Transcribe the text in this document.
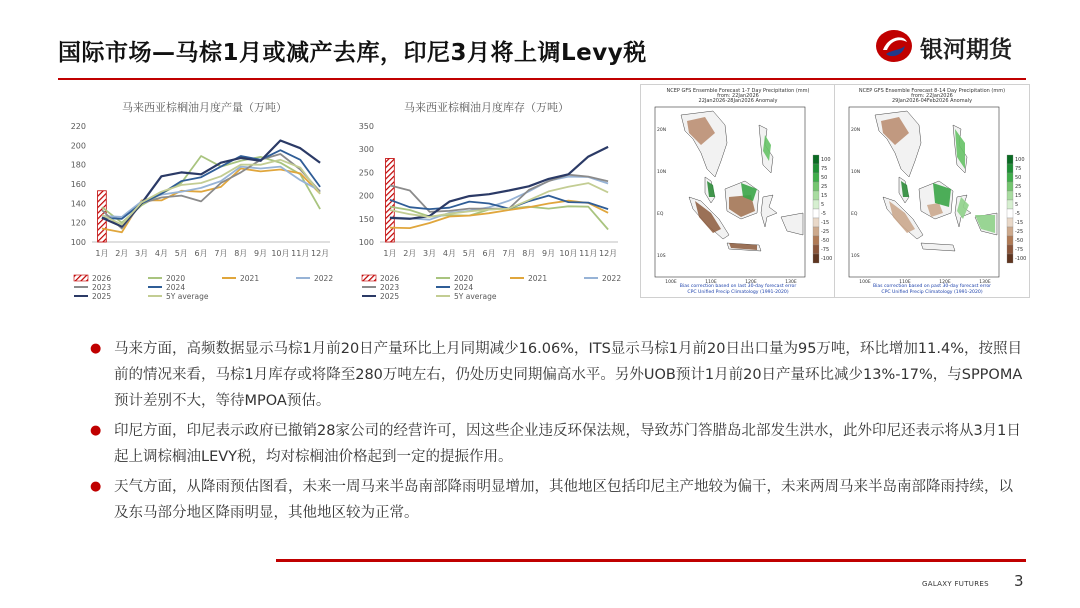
国际市场—马棕1月或减产去库，印尼3月将上调Levy税	银河期货
马来西亚棕榈油月度产量（万吨）
100
120
140
160
180
200
220
1月 2月 3月 4月 5月 6月 7月 8月 9月 10月 11月 12月
2026	2020	2021	2022
2023	2024
2025	5Y average
马来西亚棕榈油月度库存（万吨）
100
150
200
250
300
350
1月 2月 3月 4月 5月 6月 7月 8月 9月 10月 11月 12月
2026	2020	2021	2022
2023	2024
2025	5Y average
NCEP GFS Ensemble Forecast 1-7 Day Precipitation (mm)
from: 22Jan2026
22Jan2026-28Jan2026 Anomaly
20N
10N
EQ
10S
100E	110E	120E	130E
100
75
50
25
15
5
-5
-15
-25
-50
-75
-100
Bias correction based on last 30-day forecast error
CPC Unified Precip Climatology (1991-2020)
NCEP GFS Ensemble Forecast 8-14 Day Precipitation (mm)
from: 22Jan2026
29Jan2026-04Feb2026 Anomaly
20N
10N
EQ
10S
100E	110E	120E	130E
100
75
50
25
15
5
-5
-15
-25
-50
-75
-100
Bias correction based on past 30-day forecast error
CPC Unified Precip Climatology (1991-2020)
● 马来方面，高频数据显示马棕1月前20日产量环比上月同期减少16.06%，ITS显示马棕1月前20日出口量为95万吨，环比增加11.4%，按照目前的情况来看，马棕1月库存或将降至280万吨左右，仍处历史同期偏高水平。另外UOB预计1月前20日产量环比减少13%-17%，与SPPOMA预计差别不大，等待MPOA预估。
● 印尼方面，印尼表示政府已撤销28家公司的经营许可，因这些企业违反环保法规，导致苏门答腊岛北部发生洪水，此外印尼还表示将从3月1日起上调棕榈油LEVY税，均对棕榈油价格起到一定的提振作用。
● 天气方面，从降雨预估图看，未来一周马来半岛南部降雨明显增加，其他地区包括印尼主产地较为偏干，未来两周马来半岛南部降雨持续，以及东马部分地区降雨明显，其他地区较为正常。
GALAXY FUTURES 3
